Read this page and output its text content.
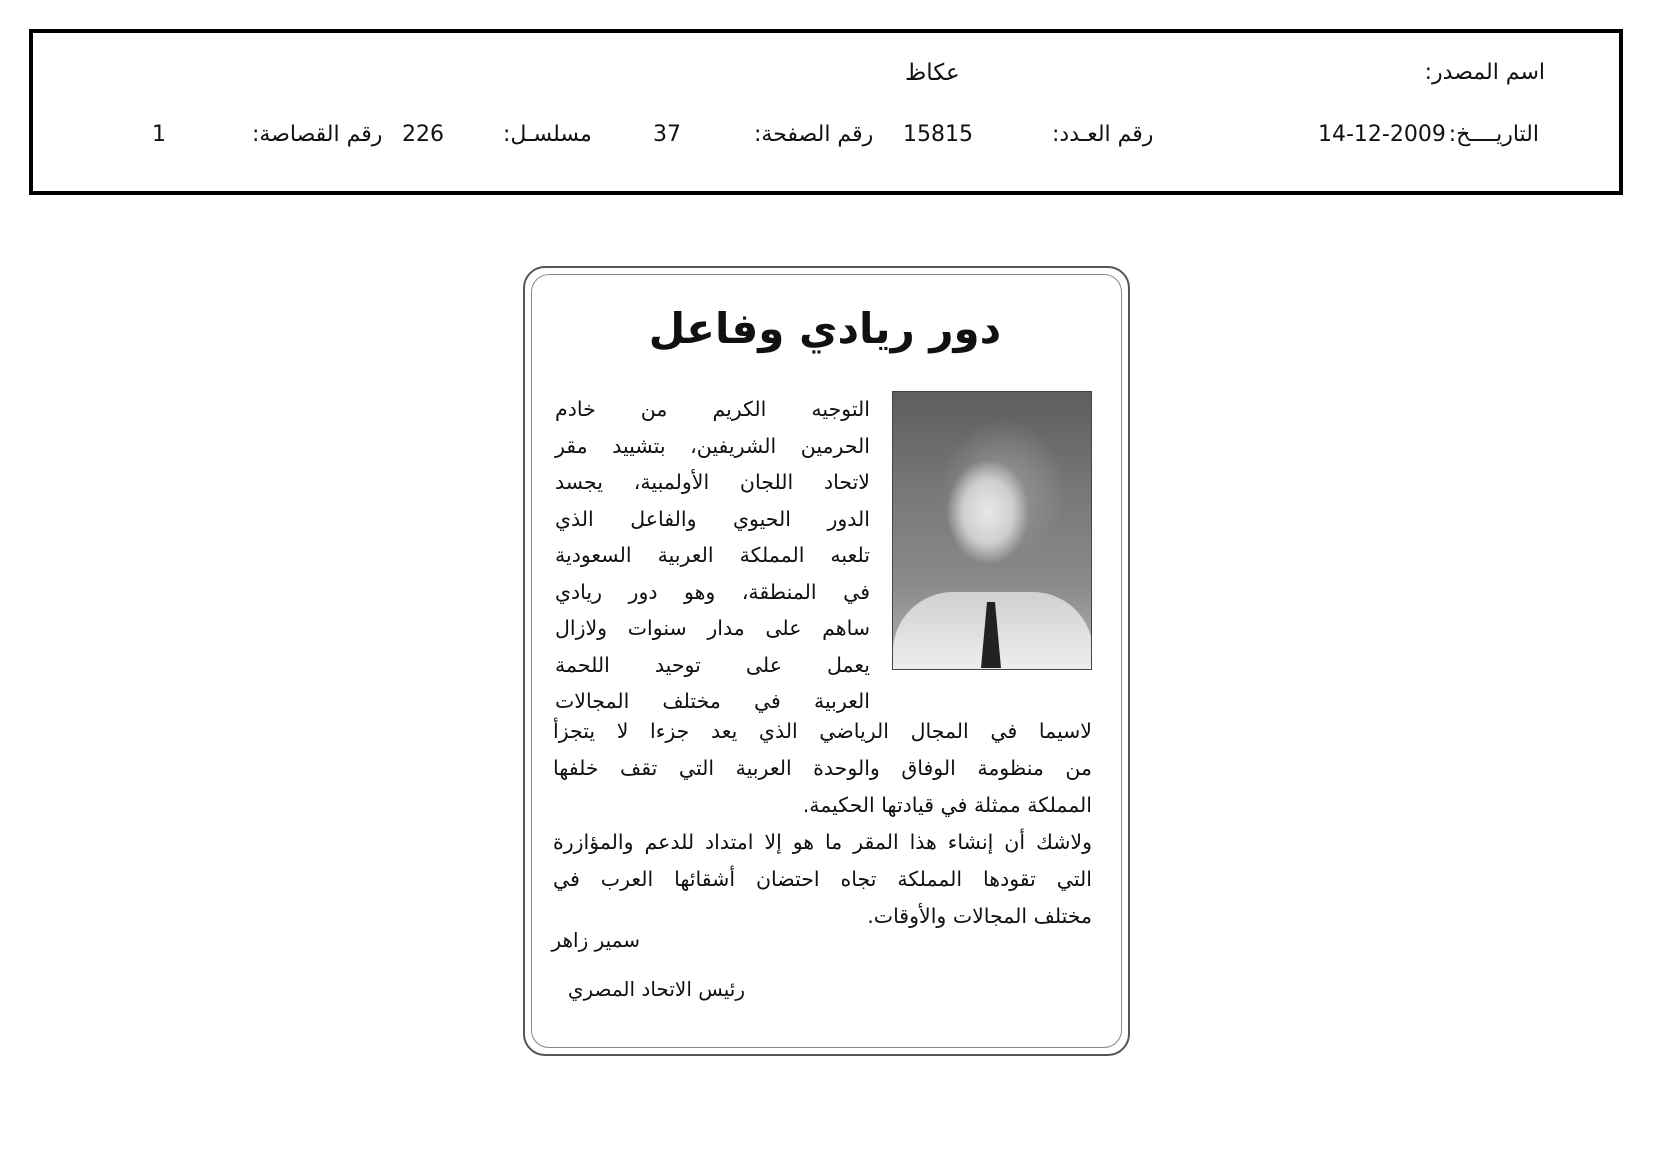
اسم المصدر:
عكاظ
التاريــــخ:
14-12-2009
رقم العـدد:
15815
رقم الصفحة:
37
مسلسـل:
226
رقم القصاصة:
1
دور ريادي وفاعل
التوجيه الكريم من خادم
الحرمين الشريفين، بتشييد مقر
لاتحاد اللجان الأولمبية، يجسد
الدور الحيوي والفاعل الذي
تلعبه المملكة العربية السعودية
في المنطقة، وهو دور ريادي
ساهم على مدار سنوات ولازال
يعمل على توحيد اللحمة
العربية في مختلف المجالات
لاسيما في المجال الرياضي الذي يعد جزءا لا يتجزأ
من منظومة الوفاق والوحدة العربية التي تقف خلفها
المملكة ممثلة في قيادتها الحكيمة.
ولاشك أن إنشاء هذا المقر ما هو إلا امتداد للدعم والمؤازرة
التي تقودها المملكة تجاه احتضان أشقائها العرب في
مختلف المجالات والأوقات.
سمير زاهر
رئيس الاتحاد المصري
